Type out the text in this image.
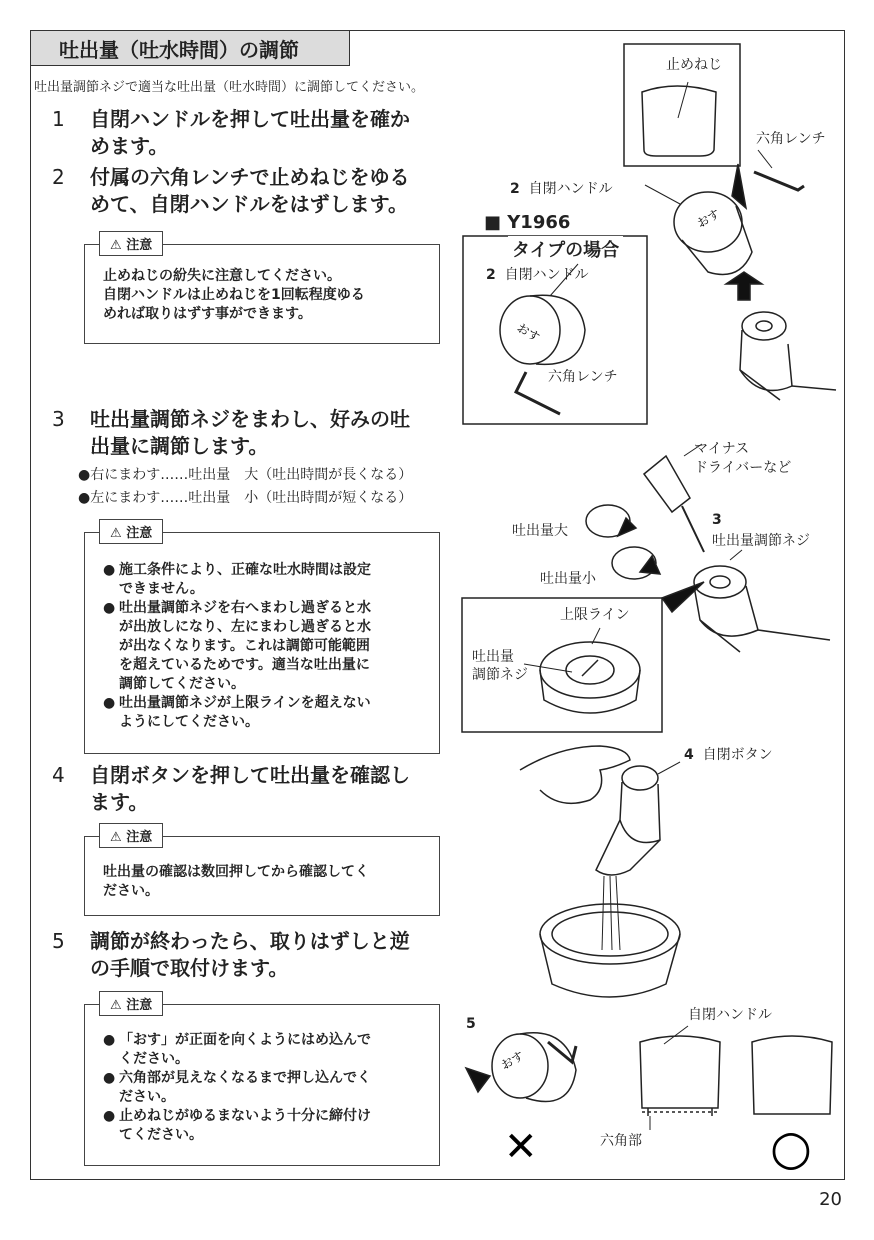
吐出量（吐水時間）の調節
吐出量調節ネジで適当な吐出量（吐水時間）に調節してください。
1 自閉ハンドルを押して吐出量を確か
めます。
2 付属の六角レンチで止めねじをゆる
めて、自閉ハンドルをはずします。
⚠ 注意
止めねじの紛失に注意してください。
自閉ハンドルは止めねじを1回転程度ゆる
めれば取りはずす事ができます。
3 吐出量調節ネジをまわし、好みの吐
出量に調節します。
●右にまわす……吐出量　大（吐出時間が長くなる）
●左にまわす……吐出量　小（吐出時間が短くなる）
⚠ 注意
● 施工条件により、正確な吐水時間は設定
できません。
● 吐出量調節ネジを右へまわし過ぎると水
が出放しになり、左にまわし過ぎると水
が出なくなります。これは調節可能範囲
を超えているためです。適当な吐出量に
調節してください。
● 吐出量調節ネジが上限ラインを超えない
ようにしてください。
4 自閉ボタンを押して吐出量を確認し
ます。
⚠ 注意
吐出量の確認は数回押してから確認してく
ださい。
5 調節が終わったら、取りはずしと逆
の手順で取付けます。
⚠ 注意
● 「おす」が正面を向くようにはめ込んで
ください。
● 六角部が見えなくなるまで押し込んでく
ださい。
● 止めねじがゆるまないよう十分に締付け
てください。	✕	○
おす
おす
おす
止めねじ
六角レンチ
2 自閉ハンドル
■ Y1966
タイプの場合
2 自閉ハンドル
六角レンチ
マイナス
ドライバーなど
3
吐出量調節ネジ
吐出量大
吐出量小
上限ライン
吐出量
調節ネジ
4 自閉ボタン
5
自閉ハンドル
六角部
20
